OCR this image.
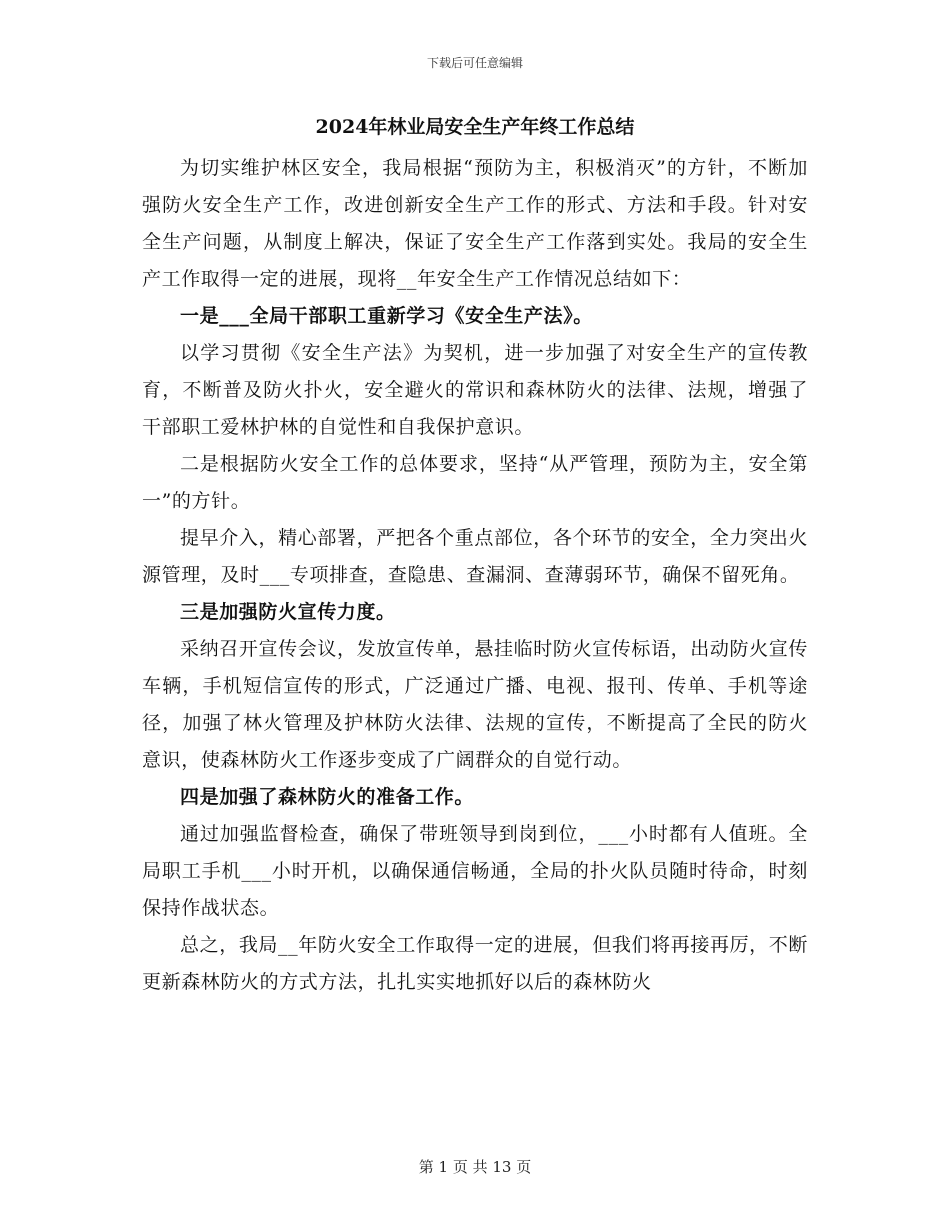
下载后可任意编辑
2024年林业局安全生产年终工作总结

为切实维护林区安全，我局根据“预防为主，积极消灭”的方针，不断加强防火安全生产工作，改进创新安全生产工作的形式、方法和手段。针对安全生产问题，从制度上解决，保证了安全生产工作落到实处。我局的安全生产工作取得一定的进展，现将__年安全生产工作情况总结如下：

一是___全局干部职工重新学习《安全生产法》。

以学习贯彻《安全生产法》为契机，进一步加强了对安全生产的宣传教育，不断普及防火扑火，安全避火的常识和森林防火的法律、法规，增强了干部职工爱林护林的自觉性和自我保护意识。

二是根据防火安全工作的总体要求，坚持“从严管理，预防为主，安全第一”的方针。

提早介入，精心部署，严把各个重点部位，各个环节的安全，全力突出火源管理，及时___专项排查，查隐患、查漏洞、查薄弱环节，确保不留死角。

三是加强防火宣传力度。

采纳召开宣传会议，发放宣传单，悬挂临时防火宣传标语，出动防火宣传车辆，手机短信宣传的形式，广泛通过广播、电视、报刊、传单、手机等途径，加强了林火管理及护林防火法律、法规的宣传，不断提高了全民的防火意识，使森林防火工作逐步变成了广阔群众的自觉行动。

四是加强了森林防火的准备工作。

通过加强监督检查，确保了带班领导到岗到位，___小时都有人值班。全局职工手机___小时开机，以确保通信畅通，全局的扑火队员随时待命，时刻保持作战状态。

总之，我局__年防火安全工作取得一定的进展，但我们将再接再厉，不断更新森林防火的方式方法，扎扎实实地抓好以后的森林防火

第 1 页 共 13 页
